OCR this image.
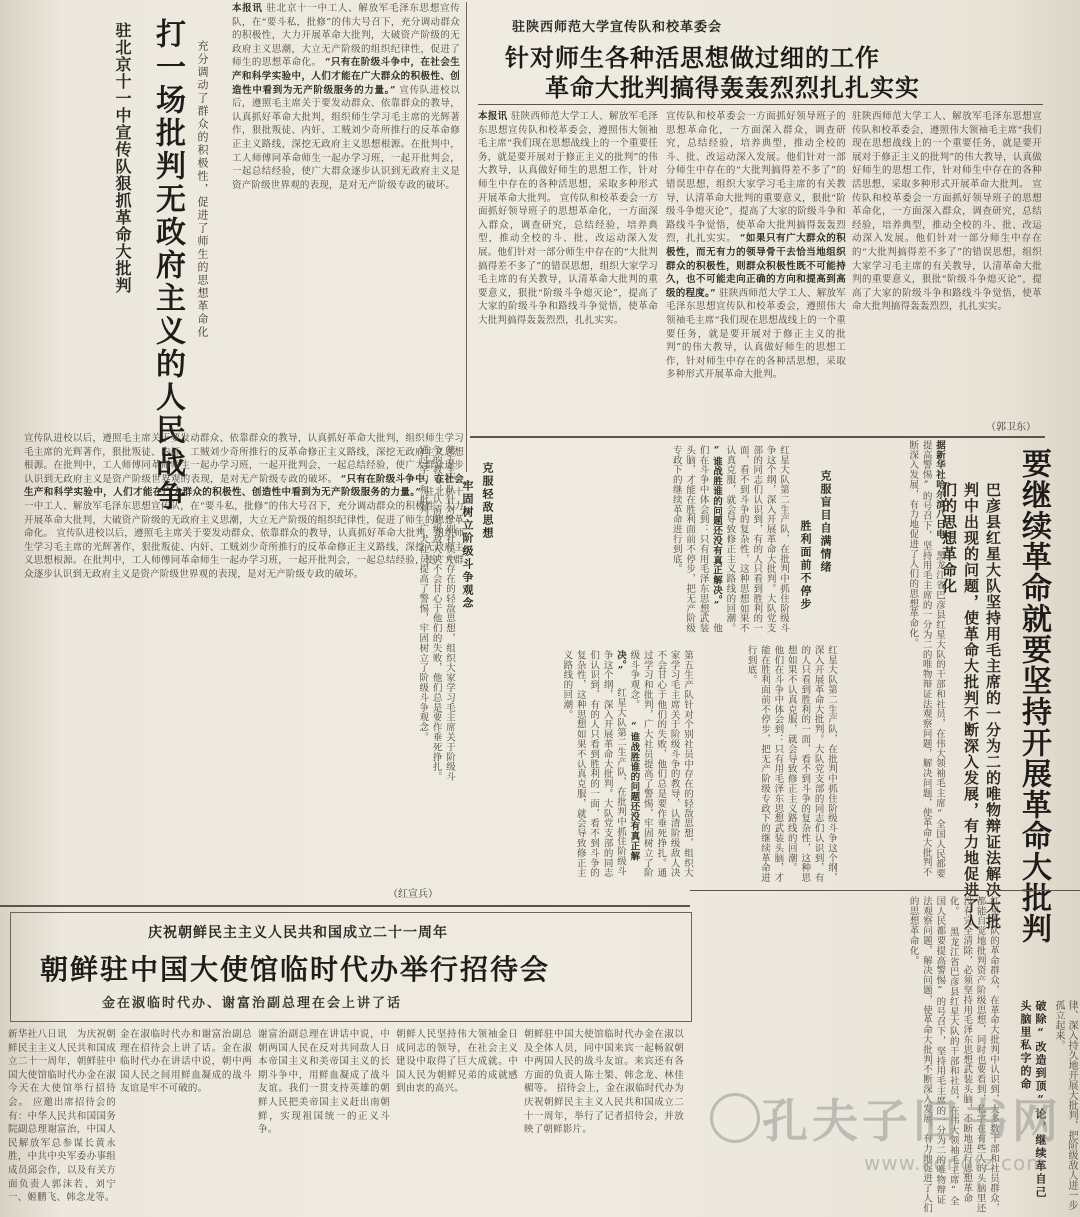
打一场批判无政府主义的人民战争
驻北京十一中宣传队狠抓革命大批判	充分调动了群众的积极性，促进了师生的思想革命化
本报讯 驻北京十一中工人、解放军毛泽东思想宣传队，在“要斗私，批修”的伟大号召下，充分调动群众的积极性，大力开展革命大批判，大破资产阶级的无政府主义思潮，大立无产阶级的组织纪律性，促进了师生的思想革命化。 “只有在阶级斗争中，在社会生产和科学实验中，人们才能在广大群众的积极性、创造性中看到为无产阶级服务的力量。” 宣传队进校以后，遵照毛主席关于要发动群众、依靠群众的教导，认真抓好革命大批判，组织师生学习毛主席的光辉著作，狠批叛徒、内奸、工贼刘少奇所推行的反革命修正主义路线，深挖无政府主义思想根源。在批判中，工人师傅同革命师生一起办学习班，一起开批判会，一起总结经验，使广大群众逐步认识到无政府主义是资产阶级世界观的表现，是对无产阶级专政的破坏。
宣传队进校以后，遵照毛主席关于要发动群众、依靠群众的教导，认真抓好革命大批判，组织师生学习毛主席的光辉著作，狠批叛徒、内奸、工贼刘少奇所推行的反革命修正主义路线，深挖无政府主义思想根源。在批判中，工人师傅同革命师生一起办学习班，一起开批判会，一起总结经验，使广大群众逐步认识到无政府主义是资产阶级世界观的表现，是对无产阶级专政的破坏。 “只有在阶级斗争中，在社会生产和科学实验中，人们才能在广大群众的积极性、创造性中看到为无产阶级服务的力量。” 驻北京十一中工人、解放军毛泽东思想宣传队，在“要斗私，批修”的伟大号召下，充分调动群众的积极性，大力开展革命大批判，大破资产阶级的无政府主义思潮，大立无产阶级的组织纪律性，促进了师生的思想革命化。 宣传队进校以后，遵照毛主席关于要发动群众、依靠群众的教导，认真抓好革命大批判，组织师生学习毛主席的光辉著作，狠批叛徒、内奸、工贼刘少奇所推行的反革命修正主义路线，深挖无政府主义思想根源。在批判中，工人师傅同革命师生一起办学习班，一起开批判会，一起总结经验，使广大群众逐步认识到无政府主义是资产阶级世界观的表现，是对无产阶级专政的破坏。
（红宣兵）
驻陕西师范大学宣传队和校革委会
针对师生各种活思想做过细的工作
革命大批判搞得轰轰烈烈扎扎实实
本报讯 驻陕西师范大学工人、解放军毛泽东思想宣传队和校革委会，遵照伟大领袖毛主席“我们现在思想战线上的一个重要任务，就是要开展对于修正主义的批判”的伟大教导，认真做好师生的思想工作，针对师生中存在的各种活思想，采取多种形式开展革命大批判。 宣传队和校革委会一方面抓好领导班子的思想革命化，一方面深入群众，调查研究，总结经验，培养典型，推动全校的斗、批、改运动深入发展。他们针对一部分师生中存在的“大批判搞得差不多了”的错误思想，组织大家学习毛主席的有关教导，认清革命大批判的重要意义，狠批“阶级斗争熄灭论”，提高了大家的阶级斗争和路线斗争觉悟，使革命大批判搞得轰轰烈烈，扎扎实实。
宣传队和校革委会一方面抓好领导班子的思想革命化，一方面深入群众，调查研究，总结经验，培养典型，推动全校的斗、批、改运动深入发展。他们针对一部分师生中存在的“大批判搞得差不多了”的错误思想，组织大家学习毛主席的有关教导，认清革命大批判的重要意义，狠批“阶级斗争熄灭论”，提高了大家的阶级斗争和路线斗争觉悟，使革命大批判搞得轰轰烈烈，扎扎实实。 “如果只有广大群众的积极性，而无有力的领导骨干去恰当地组织群众的积极性，则群众积极性既不可能持久，也不可能走向正确的方向和提高到高级的程度。” 驻陕西师范大学工人、解放军毛泽东思想宣传队和校革委会，遵照伟大领袖毛主席“我们现在思想战线上的一个重要任务，就是要开展对于修正主义的批判”的伟大教导，认真做好师生的思想工作，针对师生中存在的各种活思想，采取多种形式开展革命大批判。
驻陕西师范大学工人、解放军毛泽东思想宣传队和校革委会，遵照伟大领袖毛主席“我们现在思想战线上的一个重要任务，就是要开展对于修正主义的批判”的伟大教导，认真做好师生的思想工作，针对师生中存在的各种活思想，采取多种形式开展革命大批判。 宣传队和校革委会一方面抓好领导班子的思想革命化，一方面深入群众，调查研究，总结经验，培养典型，推动全校的斗、批、改运动深入发展。他们针对一部分师生中存在的“大批判搞得差不多了”的错误思想，组织大家学习毛主席的有关教导，认清革命大批判的重要意义，狠批“阶级斗争熄灭论”，提高了大家的阶级斗争和路线斗争觉悟，使革命大批判搞得轰轰烈烈，扎扎实实。
（郭卫东）
克服盲目自满情绪
胜利面前不停步
克服轻敌思想
牢固树立阶级斗争观念	红星大队第二生产队，在批判中抓住阶级斗争这个纲，深入开展革命大批判。大队党支部的同志们认识到，有的人只看到胜利的一面，看不到斗争的复杂性，这种思想如果不认真克服，就会导致修正主义路线的回潮。 “谁战胜谁的问题还没有真正解决。” 他们在斗争中体会到：只有用毛泽东思想武装头脑，才能在胜利面前不停步，把无产阶级专政下的继续革命进行到底。
第五生产队针对个别社员中存在的轻敌思想，组织大家学习毛主席关于阶级斗争的教导，认清阶级敌人决不会甘心于他们的失败，他们总是要作垂死挣扎。通过学习和批判，广大社员提高了警惕，牢固树立了阶级斗争观念。
第五生产队针对个别社员中存在的轻敌思想，组织大家学习毛主席关于阶级斗争的教导，认清阶级敌人决不会甘心于他们的失败，他们总是要作垂死挣扎。通过学习和批判，广大社员提高了警惕，牢固树立了阶级斗争观念。 “谁战胜谁的问题还没有真正解决。” 红星大队第二生产队，在批判中抓住阶级斗争这个纲，深入开展革命大批判。大队党支部的同志们认识到，有的人只看到胜利的一面，看不到斗争的复杂性，这种思想如果不认真克服，就会导致修正主义路线的回潮。	红星大队第二生产队，在批判中抓住阶级斗争这个纲，深入开展革命大批判。大队党支部的同志们认识到，有的人只看到胜利的一面，看不到斗争的复杂性，这种思想如果不认真克服，就会导致修正主义路线的回潮。 他们在斗争中体会到：只有用毛泽东思想武装头脑，才能在胜利面前不停步，把无产阶级专政下的继续革命进行到底。	要继续革命就要坚持开展革命大批判
巴彦县红星大队坚持用毛主席的一分为二的唯物辩证法解决大批判中出现的问题，使革命大批判不断深入发展，有力地促进了人们的思想革命化
据新华社哈尔滨八日电 黑龙江省巴彦县红星大队的干部和社员，在伟大领袖毛主席“全国人民都要提高警惕”的号召下，坚持用毛主席的一分为二的唯物辩证法观察问题，解决问题，使革命大批判不断深入发展，有力地促进了人们的思想革命化。
红星大队的革命群众，在革命大批判中认识到，大多数干部和社员群众，都能自觉地批判资产阶级思想，同时也要看到，私字在有些人的头脑里还没有完全清除，必须坚持用毛泽东思想武装头脑，不断地进行思想革命化。 黑龙江省巴彦县红星大队的干部和社员，在伟大领袖毛主席“全国人民都要提高警惕”的号召下，坚持用毛主席的一分为二的唯物辩证法观察问题，解决问题，使革命大批判不断深入发展，有力地促进了人们的思想革命化。
破除“改造到顶”论，继续革自己头脑里私字的命	律、深入持久地开展大批判，把阶级敌人进一步孤立起来。
庆祝朝鲜民主主义人民共和国成立二十一周年
朝鲜驻中国大使馆临时代办举行招待会
金在淑临时代办、谢富治副总理在会上讲了话
新华社八日讯　为庆祝朝鲜民主主义人民共和国成立二十一周年，朝鲜驻中国大使馆临时代办金在淑今天在大使馆举行招待会。 应邀出席招待会的有：中华人民共和国国务院副总理谢富治，中国人民解放军总参谋长黄永胜，中共中央军委办事组成员邱会作，以及有关方面负责人郭沫若、刘宁一、姬鹏飞、韩念龙等。
金在淑临时代办和谢富治副总理在招待会上讲了话。金在淑临时代办在讲话中说，朝中两国人民之间用鲜血凝成的战斗友谊是牢不可破的。
谢富治副总理在讲话中说，中朝两国人民在反对共同敌人日本帝国主义和美帝国主义的长期斗争中，用鲜血凝成了战斗友谊。我们一贯支持英雄的朝鲜人民把美帝国主义赶出南朝鲜，实现祖国统一的正义斗争。
朝鲜人民坚持伟大领袖金日成同志的领导，在社会主义建设中取得了巨大成就。中国人民为朝鲜兄弟的成就感到由衷的高兴。
朝鲜驻中国大使馆临时代办金在淑以及全体人员，同中国来宾一起畅叙朝中两国人民的战斗友谊。来宾还有各方面的负责人陈士榘、韩念龙、林佳楣等。 招待会上，金在淑临时代办为庆祝朝鲜民主主义人民共和国成立二十一周年，举行了记者招待会，并放映了朝鲜影片。	孔夫子旧书网
www.kongfz.com
